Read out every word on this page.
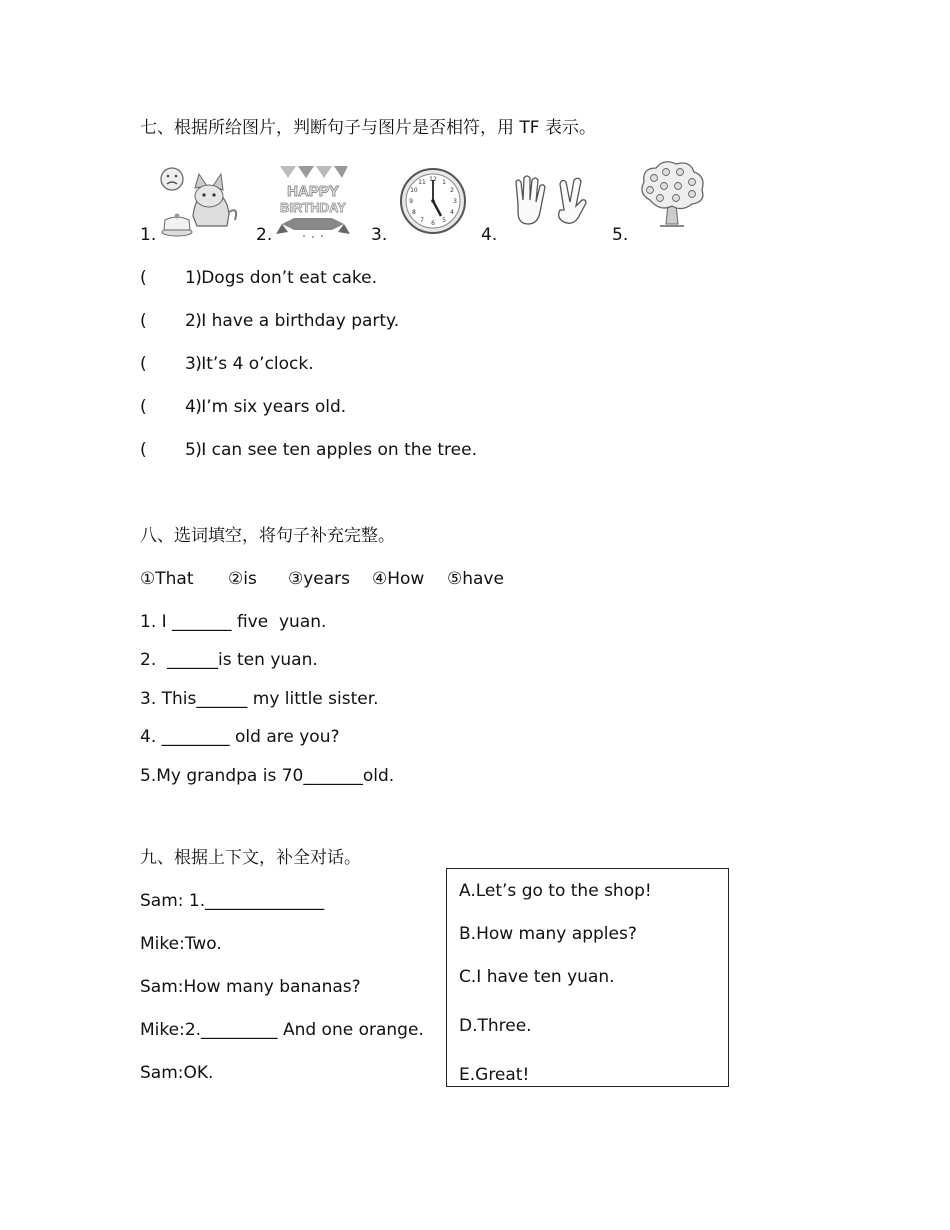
七、根据所给图片，判断句子与图片是否相符，用 TF 表示。
1.	2.	3.	4.	5.
HAPPY
BIRTHDAY
12 1
2
3
4
5
6
7
8
9
10
11
(         )
1.Dogs don’t eat cake.
(         )
2.I have a birthday party.
(         )
3.It’s 4 o’clock.
(         )
4.I’m six years old.
(         )
5.I can see ten apples on the tree.
八、选词填空，将句子补充完整。
①That ②is ③years ④How ⑤have
1. I _______ five  yuan.
2.  ______is ten yuan.
3. This______ my little sister.
4. ________ old are you?
5.My grandpa is 70_______old.
九、根据上下文，补全对话。
Sam: 1.______________
Mike:Two.
Sam:How many bananas?
Mike:2._________ And one orange.
Sam:OK.
A.Let’s go to the shop!
B.How many apples?
C.I have ten yuan.
D.Three.
E.Great!
